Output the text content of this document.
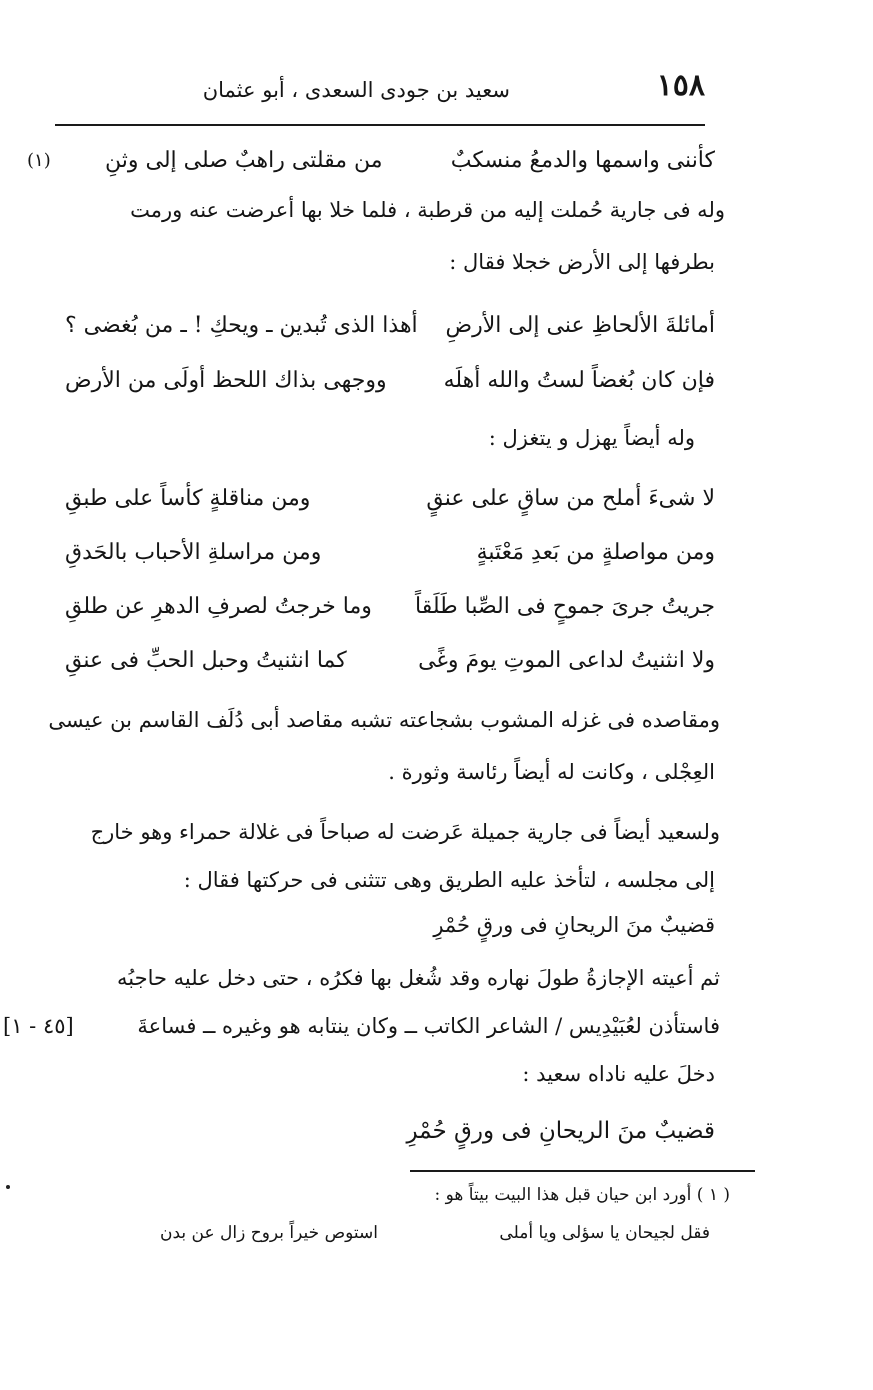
١٥٨
سعيد بن جودى السعدى ، أبو عثمان
كأننى واسمها والدمعُ منسكبٌ
من مقلتى راهبٌ صلى إلى وثنِ
(١)
وله فى جارية حُملت إليه من قرطبة ، فلما خلا بها أعرضت عنه ورمت
بطرفها إلى الأرض خجلا فقال :
أمائلةَ الألحاظِ عنى إلى الأرضِ
أهذا الذى تُبدين ـ ويحكِ ! ـ من بُغضى ؟
فإن كان بُغضاً لستُ والله أهلَه
ووجهى بذاك اللحظ أولَى من الأرض
وله أيضاً يهزل و يتغزل :
لا شىءَ أملح من ساقٍ على عنقٍ
ومن مناقلةٍ كأساً على طبقِ
ومن مواصلةٍ من بَعدِ مَعْتَبةٍ
ومن مراسلةِ الأحباب بالحَدقِ
جريتُ جرىَ جموحٍ فى الصِّبا طَلَقاً
وما خرجتُ لصرفِ الدهرِ عن طلقِ
ولا انثنيتُ لداعى الموتِ يومَ وغًى
كما انثنيتُ وحبل الحبِّ فى عنقِ
ومقاصده فى غزله المشوب بشجاعته تشبه مقاصد أبى دُلَف القاسم بن عيسى
العِجْلى ، وكانت له أيضاً رئاسة وثورة .
ولسعيد أيضاً فى جارية جميلة عَرضت له صباحاً فى غلالة حمراء وهو خارج
إلى مجلسه ، لتأخذ عليه الطريق وهى تتثنى فى حركتها فقال :
قضيبٌ منَ الريحانِ فى ورقٍ حُمْرِ
ثم أعيته الإجازةُ طولَ نهاره وقد شُغل بها فكرُه ، حتى دخل عليه حاجبُه
فاستأذن لعُبَيْدِيس / الشاعر الكاتب ــ وكان ينتابه هو وغيره ــ فساعةَ
[٤٥ - ١]
دخلَ عليه ناداه سعيد :
قضيبٌ منَ الريحانِ فى ورقٍ حُمْرِ
( ١ ) أورد ابن حيان قبل هذا البيت بيتاً هو :
فقل لجيحان يا سؤلى ويا أملى
استوص خيراً بروح زال عن بدن
